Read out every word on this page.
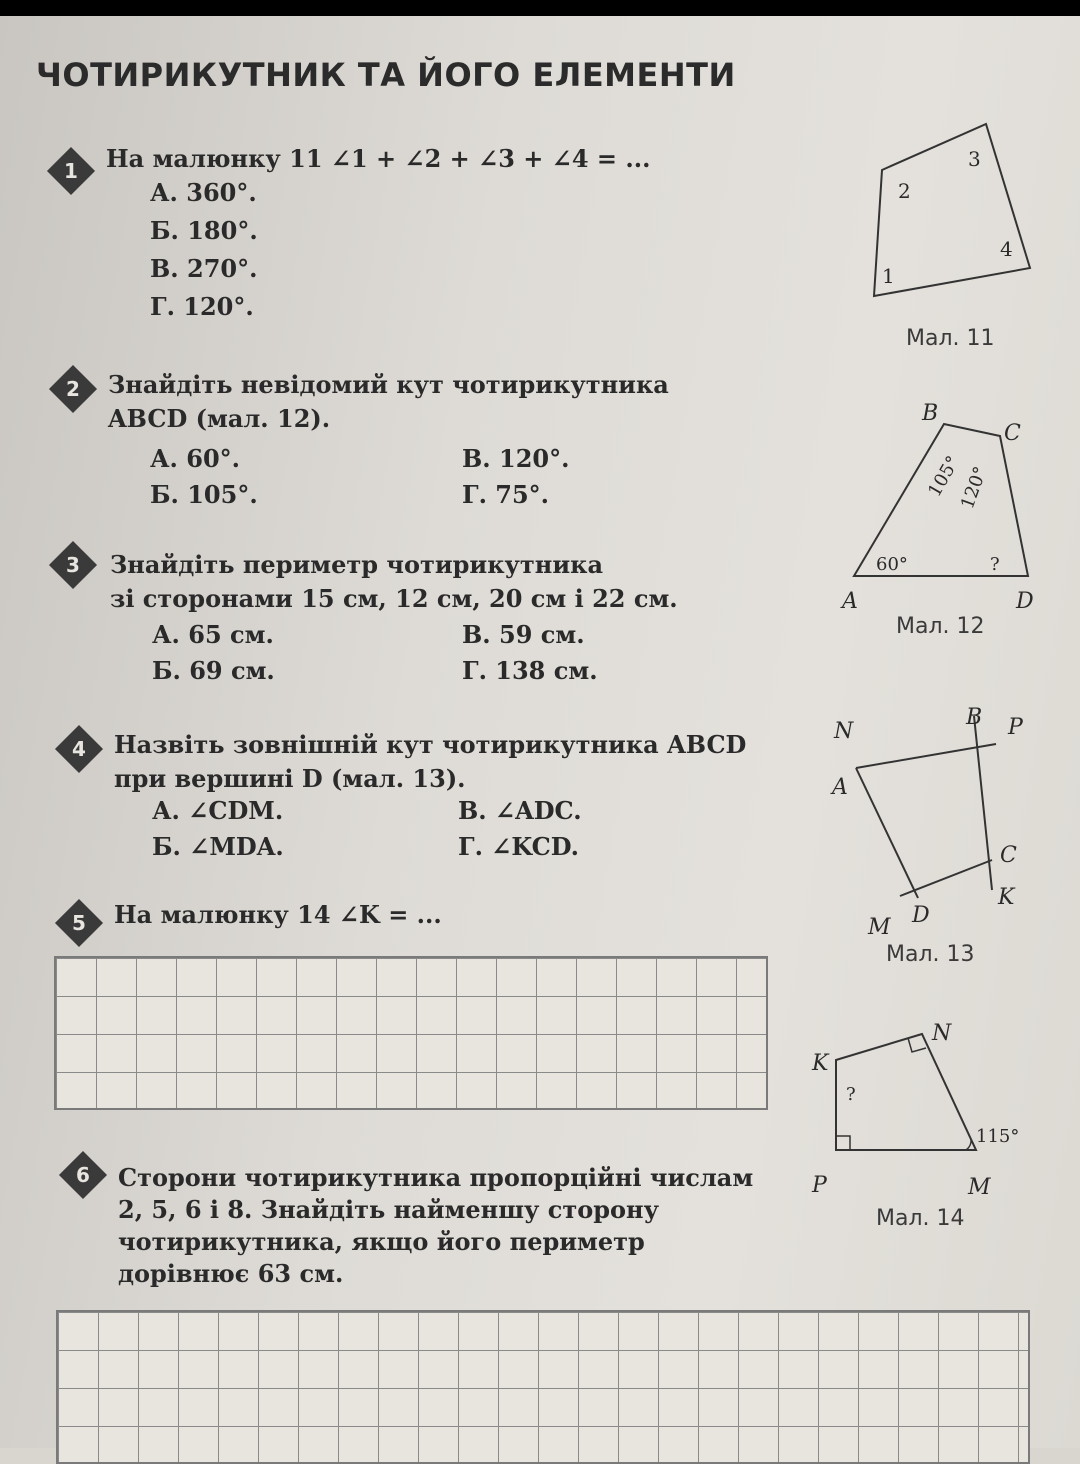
ЧОТИРИКУТНИК ТА ЙОГО ЕЛЕМЕНТИ
1 На малюнку 11 ∠1 + ∠2 + ∠3 + ∠4 = ...
А. 360°.
Б. 180°.
В. 270°.
Г. 120°.
2 Знайдіть невідомий кут чотирикутника
ABCD (мал. 12).
А. 60°.
Б. 105°.
В. 120°.
Г. 75°.
3 Знайдіть периметр чотирикутника
зі сторонами 15 см, 12 см, 20 см і 22 см.
А. 65 см.
Б. 69 см.
В. 59 см.
Г. 138 см.
4 Назвіть зовнішній кут чотирикутника ABCD
при вершині D (мал. 13).
А. ∠CDM.
Б. ∠MDA.
В. ∠ADC.
Г. ∠KCD.
5 На малюнку 14 ∠K = ...
6 Сторони чотирикутника пропорційні числам
2, 5, 6 і 8. Знайдіть найменшу сторону
чотирикутника, якщо його периметр
дорівнює 63 см.
1
2
3
4
Мал. 11
A
B
C
D
105°
120°
60°	?
Мал. 12
N
A
B P
C
K
M D
Мал. 13
K
N
P	M
?
115°
Мал. 14
